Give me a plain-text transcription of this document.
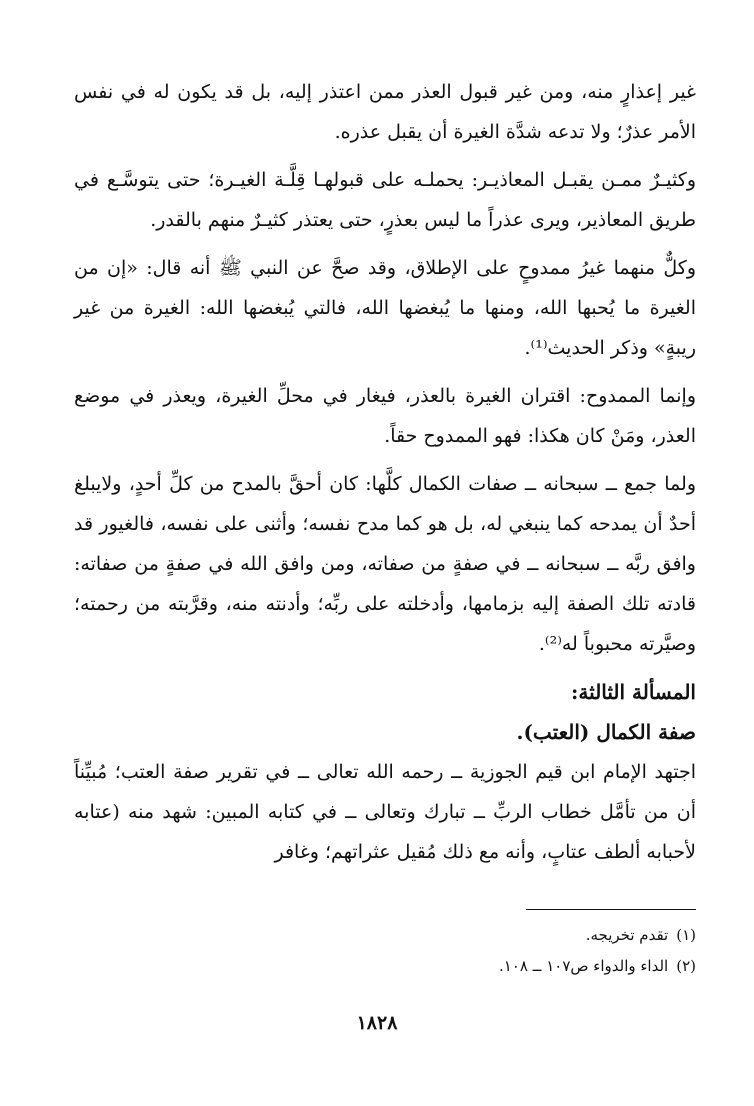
غير إعذارٍ منه، ومن غير قبول العذر ممن اعتذر إليه، بل قد يكون له في نفس الأمر عذرٌ؛ ولا تدعه شدَّة الغيرة أن يقبل عذره.

وكثيـرٌ ممـن يقبـل المعاذيـر: يحملـه على قبولهـا قِلَّـة الغيـرة؛ حتى يتوسَّـع في طريق المعاذير، ويرى عذراً ما ليس بعذرٍ، حتى يعتذر كثيـرٌ منهم بالقدر.

وكلٌّ منهما غيرُ ممدوحٍ على الإطلاق، وقد صحَّ عن النبي ﷺ أنه قال: «إن من الغيرة ما يُحبها الله، ومنها ما يُبغضها الله، فالتي يُبغضها الله: الغيرة من غير ريبةٍ» وذكر الحديث⁽¹⁾.

وإنما الممدوح: اقتران الغيرة بالعذر، فيغار في محلِّ الغيرة، ويعذر في موضع العذر، ومَنْ كان هكذا: فهو الممدوح حقاً.

ولما جمع ــ سبحانه ــ صفات الكمال كلَّها: كان أحقَّ بالمدح من كلِّ أحدٍ، ولايبلغ أحدٌ أن يمدحه كما ينبغي له، بل هو كما مدح نفسه؛ وأثنى على نفسه، فالغيور قد وافق ربَّه ــ سبحانه ــ في صفةٍ من صفاته، ومن وافق الله في صفةٍ من صفاته: قادته تلك الصفة إليه بزمامها، وأدخلته على ربِّه؛ وأدنته منه، وقرَّبته من رحمته؛ وصيَّرته محبوباً له⁽²⁾.

المسألة الثالثة:

صفة الكمال (العتب).

اجتهد الإمام ابن قيم الجوزية ــ رحمه الله تعالى ــ في تقرير صفة العتب؛ مُبيِّناً أن من تأمَّل خطاب الربِّ ــ تبارك وتعالى ــ في كتابه المبين: شهد منه (عتابه لأحبابه ألطف عتابٍ، وأنه مع ذلك مُقيل عثراتهم؛ وغافر

(١)تقدم تخريجه.

(٢)الداء والدواء ص١٠٧ ــ ١٠٨.

١٨٢٨
